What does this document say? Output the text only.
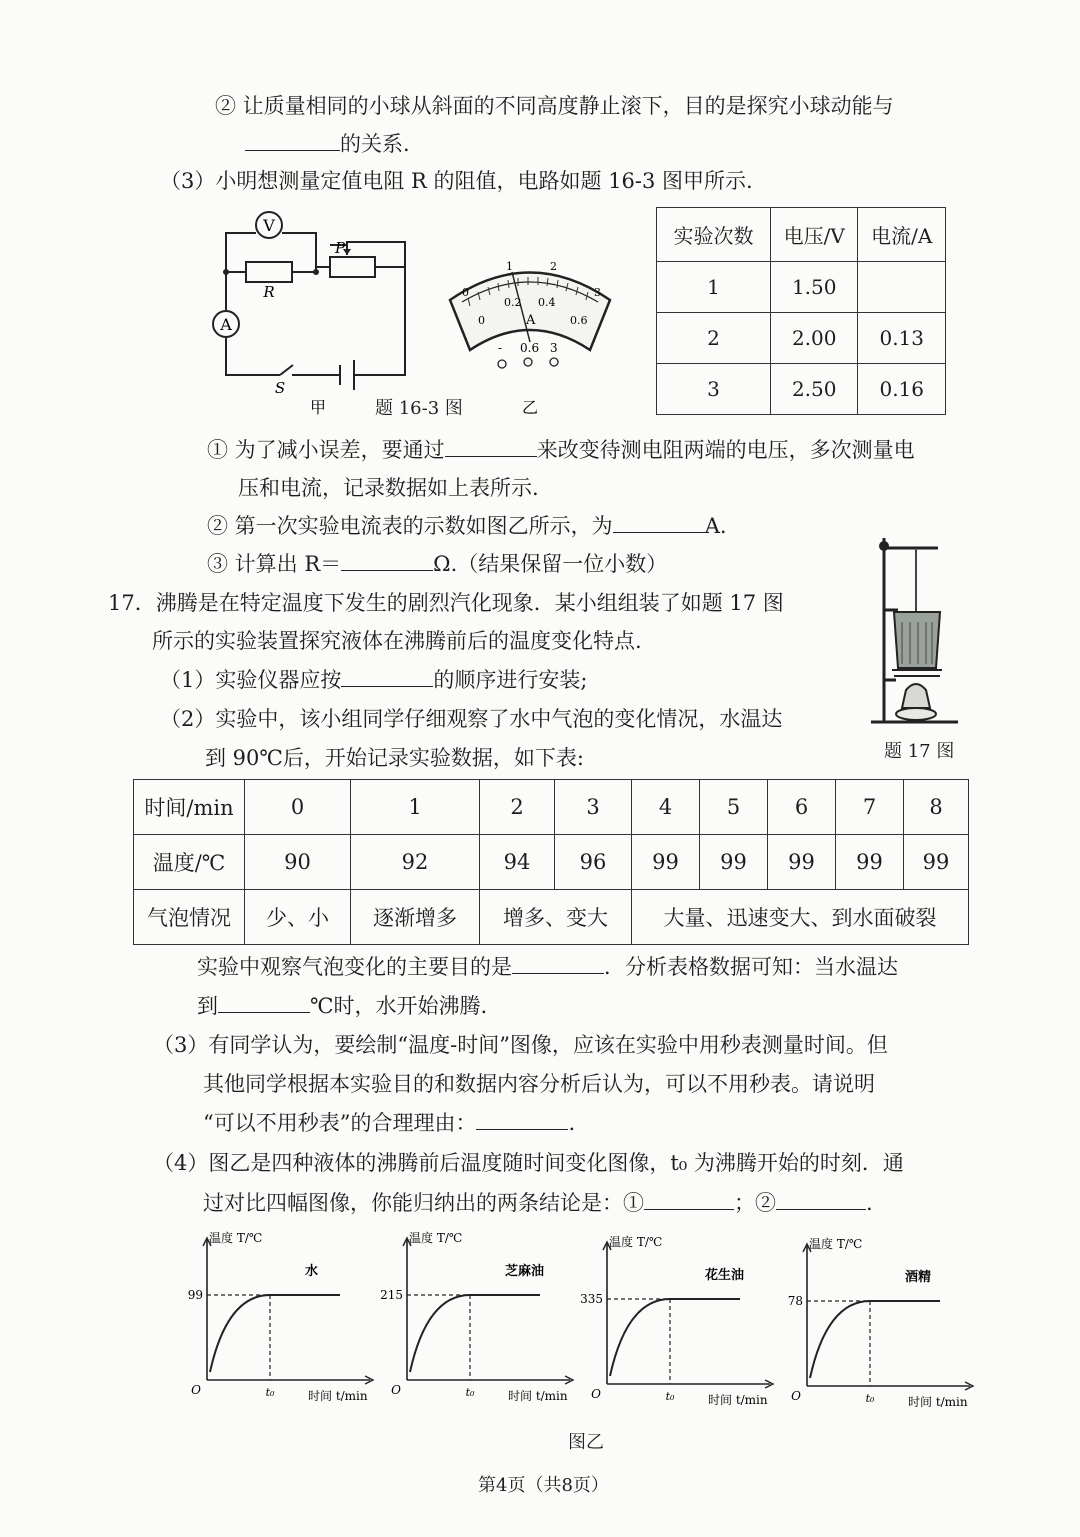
② 让质量相同的小球从斜面的不同高度静止滚下，目的是探究小球动能与
的关系.
（3）小明想测量定值电阻 R 的阻值，电路如题 16-3 图甲所示.
V
A
R
P
S
甲	题 16-3 图
0
1	2
3
0
0.2 0.4
0.6
A
- 0.6 3
乙
实验次数	电压/V	电流/A
1	1.50	
2	2.00	0.13
3	2.50	0.16
① 为了减小误差，要通过	来改变待测电阻两端的电压，多次测量电
压和电流，记录数据如上表所示.
② 第一次实验电流表的示数如图乙所示，为	A.
③ 计算出 R＝	Ω.（结果保留一位小数）
17．沸腾是在特定温度下发生的剧烈汽化现象．某小组组装了如题 17 图
所示的实验装置探究液体在沸腾前后的温度变化特点.
（1）实验仪器应按	的顺序进行安装;
（2）实验中，该小组同学仔细观察了水中气泡的变化情况，水温达
到 90℃后，开始记录实验数据，如下表:	题 17 图
时间/min	0	1	2	3	4	5	6	7	8
温度/℃	90	92	94	96	99	99	99	99	99
气泡情况	少、小	逐渐增多	增多、变大		大量、迅速变大、到水面破裂				
实验中观察气泡变化的主要目的是	．分析表格数据可知：当水温达
到	℃时，水开始沸腾.
（3）有同学认为，要绘制“温度-时间”图像，应该在实验中用秒表测量时间。但
其他同学根据本实验目的和数据内容分析后认为，可以不用秒表。请说明
“可以不用秒表”的合理理由：	.
（4）图乙是四种液体的沸腾前后温度随时间变化图像，t₀ 为沸腾开始的时刻．通
过对比四幅图像，你能归纳出的两条结论是：①	；②	.
温度 T/℃
水
99
O	t₀	时间 t/min
温度 T/℃
芝麻油
215
O	t₀	时间 t/min
温度 T/℃
花生油
335
O	t₀	时间 t/min
温度 T/℃
酒精
78
O	t₀	时间 t/min
图乙
第4页（共8页）
